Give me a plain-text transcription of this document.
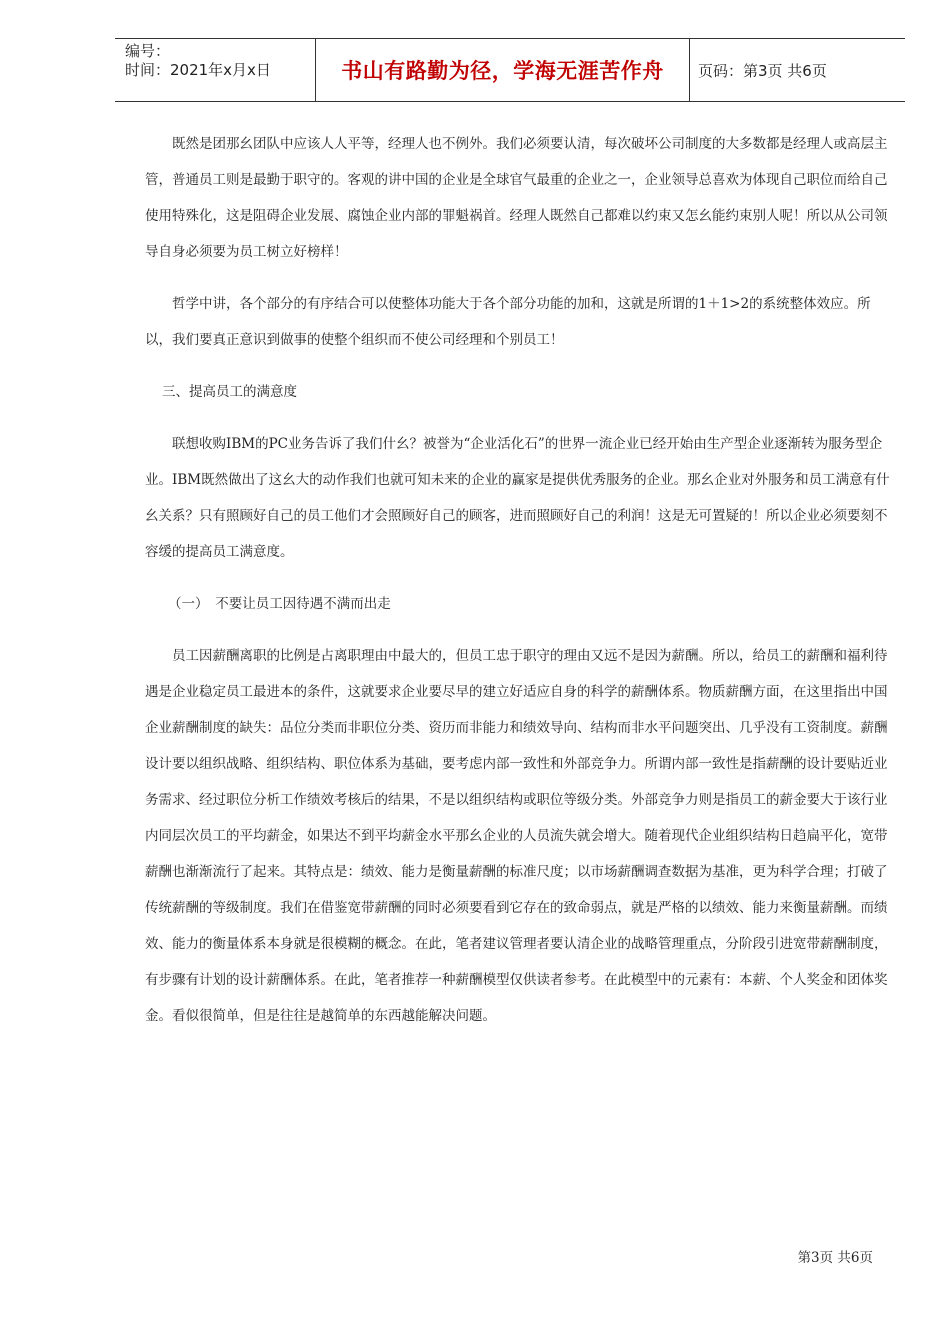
编号：
时间：2021年x月x日	书山有路勤为径，学海无涯苦作舟	页码：第3页 共6页

　　既然是团那幺团队中应该人人平等，经理人也不例外。我们必须要认清，每次破坏公司制度的大多数都是经理人或高层主管，普通员工则是最勤于职守的。客观的讲中国的企业是全球官气最重的企业之一，企业领导总喜欢为体现自己职位而给自己使用特殊化，这是阻碍企业发展、腐蚀企业内部的罪魁祸首。经理人既然自己都难以约束又怎幺能约束别人呢！所以从公司领导自身必须要为员工树立好榜样！

　　哲学中讲，各个部分的有序结合可以使整体功能大于各个部分功能的加和，这就是所谓的1＋1>2的系统整体效应。所以，我们要真正意识到做事的使整个组织而不使公司经理和个别员工！

三、提高员工的满意度

　　联想收购IBM的PC业务告诉了我们什幺？被誉为“企业活化石”的世界一流企业已经开始由生产型企业逐渐转为服务型企业。IBM既然做出了这幺大的动作我们也就可知未来的企业的赢家是提供优秀服务的企业。那幺企业对外服务和员工满意有什幺关系？只有照顾好自己的员工他们才会照顾好自己的顾客，进而照顾好自己的利润！这是无可置疑的！所以企业必须要刻不容缓的提高员工满意度。

（一）　不要让员工因待遇不满而出走

　　员工因薪酬离职的比例是占离职理由中最大的，但员工忠于职守的理由又远不是因为薪酬。所以，给员工的薪酬和福利待遇是企业稳定员工最进本的条件，这就要求企业要尽早的建立好适应自身的科学的薪酬体系。物质薪酬方面，在这里指出中国企业薪酬制度的缺失：品位分类而非职位分类、资历而非能力和绩效导向、结构而非水平问题突出、几乎没有工资制度。薪酬设计要以组织战略、组织结构、职位体系为基础，要考虑内部一致性和外部竞争力。所谓内部一致性是指薪酬的设计要贴近业务需求、经过职位分析工作绩效考核后的结果，不是以组织结构或职位等级分类。外部竞争力则是指员工的薪金要大于该行业内同层次员工的平均薪金，如果达不到平均薪金水平那幺企业的人员流失就会增大。随着现代企业组织结构日趋扁平化，宽带薪酬也渐渐流行了起来。其特点是：绩效、能力是衡量薪酬的标准尺度；以市场薪酬调查数据为基准，更为科学合理；打破了传统薪酬的等级制度。我们在借鉴宽带薪酬的同时必须要看到它存在的致命弱点，就是严格的以绩效、能力来衡量薪酬。而绩效、能力的衡量体系本身就是很模糊的概念。在此，笔者建议管理者要认清企业的战略管理重点，分阶段引进宽带薪酬制度，有步骤有计划的设计薪酬体系。在此，笔者推荐一种薪酬模型仅供读者参考。在此模型中的元素有：本薪、个人奖金和团体奖金。看似很简单，但是往往是越简单的东西越能解决问题。

第3页 共6页
